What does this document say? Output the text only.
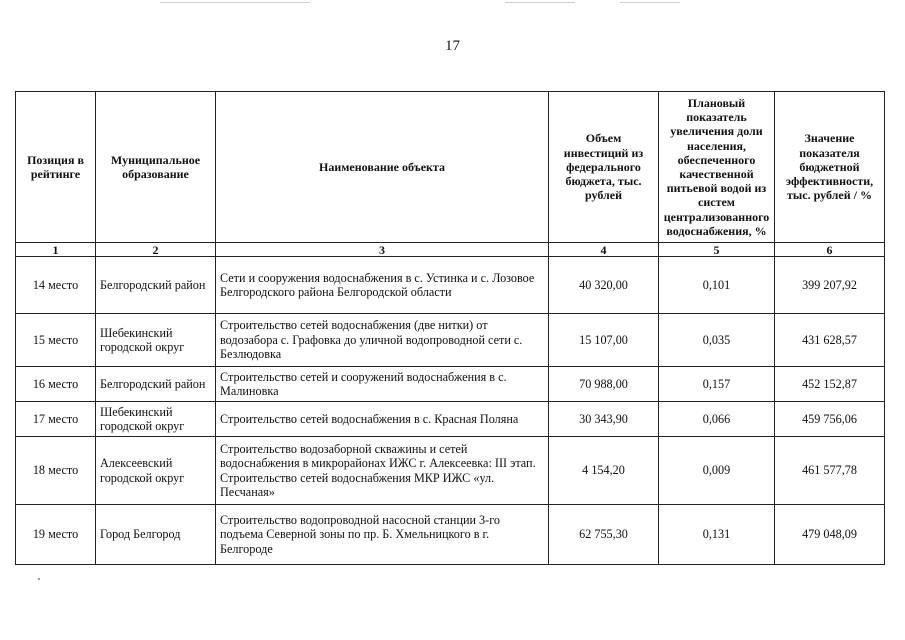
17
Позиция в рейтинге	Муниципальное образование	Наименование объекта	Объем инвестиций из федерального бюджета, тыс. рублей	Плановый показатель увеличения доли населения, обеспеченного качественной питьевой водой из систем централизованного водоснабжения, %	Значение показателя бюджетной эффективности, тыс. рублей / %
1	2	3	4	5	6
14 место	Белгородский район	Сети и сооружения водоснабжения в с. Устинка и с. Лозовое Белгородского района Белгородской области	40 320,00	0,101	399 207,92
15 место	Шебекинский городской округ	Строительство сетей водоснабжения (две нитки) от водозабора с. Графовка до уличной водопроводной сети с. Безлюдовка	15 107,00	0,035	431 628,57
16 место	Белгородский район	Строительство сетей и сооружений водоснабжения в с. Малиновка	70 988,00	0,157	452 152,87
17 место	Шебекинский городской округ	Строительство сетей водоснабжения в с. Красная Поляна	30 343,90	0,066	459 756,06
18 место	Алексеевский городской округ	Строительство водозаборной скважины и сетей водоснабжения в микрорайонах ИЖС г. Алексеевка: III этап. Строительство сетей водоснабжения МКР ИЖС «ул. Песчаная»	4 154,20	0,009	461 577,78
19 место	Город Белгород	Строительство водопроводной насосной станции 3-го подъема Северной зоны по пр. Б. Хмельницкого в г. Белгороде	62 755,30	0,131	479 048,09
